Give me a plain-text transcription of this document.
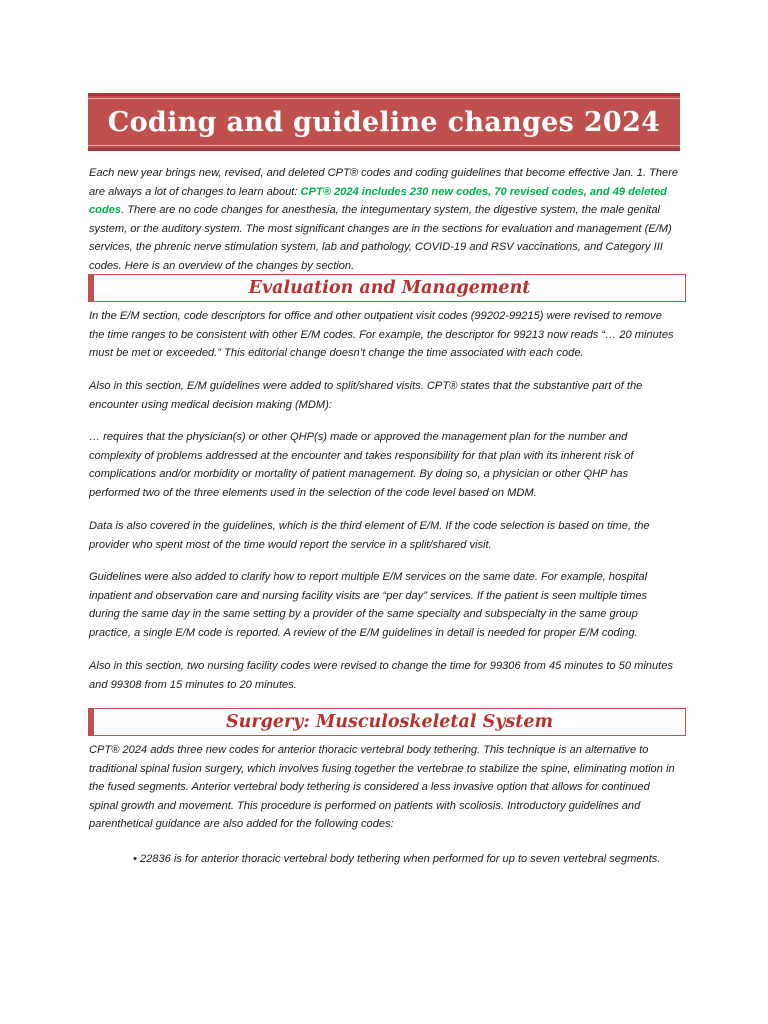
Coding and guideline changes 2024

Each new year brings new, revised, and deleted CPT® codes and coding guidelines that become effective Jan. 1. There are always a lot of changes to learn about: CPT® 2024 includes 230 new codes, 70 revised codes, and 49 deleted codes. There are no code changes for anesthesia, the integumentary system, the digestive system, the male genital system, or the auditory system. The most significant changes are in the sections for evaluation and management (E/M) services, the phrenic nerve stimulation system, lab and pathology, COVID-19 and RSV vaccinations, and Category III codes. Here is an overview of the changes by section.

Evaluation and Management

In the E/M section, code descriptors for office and other outpatient visit codes (99202-99215) were revised to remove the time ranges to be consistent with other E/M codes. For example, the descriptor for 99213 now reads “… 20 minutes must be met or exceeded.” This editorial change doesn’t change the time associated with each code.

Also in this section, E/M guidelines were added to split/shared visits. CPT® states that the substantive part of the encounter using medical decision making (MDM):

… requires that the physician(s) or other QHP(s) made or approved the management plan for the number and complexity of problems addressed at the encounter and takes responsibility for that plan with its inherent risk of complications and/or morbidity or mortality of patient management. By doing so, a physician or other QHP has performed two of the three elements used in the selection of the code level based on MDM.

Data is also covered in the guidelines, which is the third element of E/M. If the code selection is based on time, the provider who spent most of the time would report the service in a split/shared visit.

Guidelines were also added to clarify how to report multiple E/M services on the same date. For example, hospital inpatient and observation care and nursing facility visits are “per day” services. If the patient is seen multiple times during the same day in the same setting by a provider of the same specialty and subspecialty in the same group practice, a single E/M code is reported. A review of the E/M guidelines in detail is needed for proper E/M coding.

Also in this section, two nursing facility codes were revised to change the time for 99306 from 45 minutes to 50 minutes and 99308 from 15 minutes to 20 minutes.

Surgery: Musculoskeletal System

CPT® 2024 adds three new codes for anterior thoracic vertebral body tethering. This technique is an alternative to traditional spinal fusion surgery, which involves fusing together the vertebrae to stabilize the spine, eliminating motion in the fused segments. Anterior vertebral body tethering is considered a less invasive option that allows for continued spinal growth and movement. This procedure is performed on patients with scoliosis. Introductory guidelines and parenthetical guidance are also added for the following codes:

• 22836 is for anterior thoracic vertebral body tethering when performed for up to seven vertebral segments.
